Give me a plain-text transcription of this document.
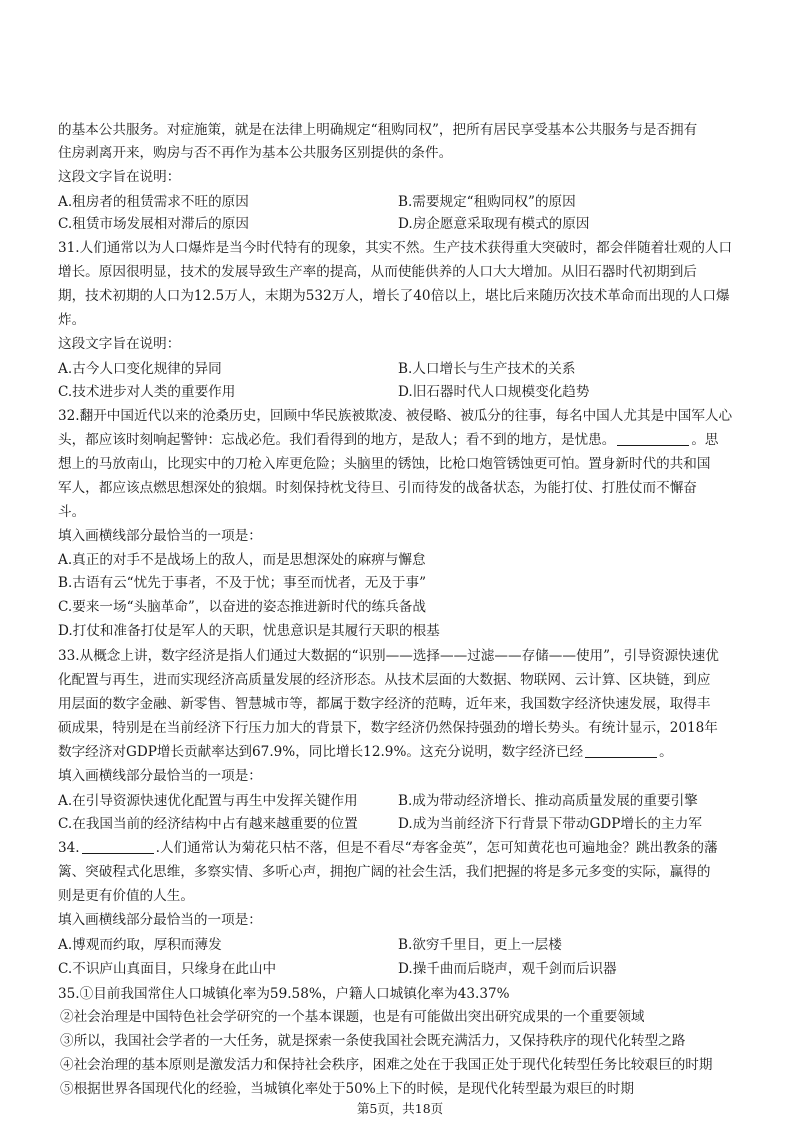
的基本公共服务。对症施策，就是在法律上明确规定“租购同权”，把所有居民享受基本公共服务与是否拥有
住房剥离开来，购房与否不再作为基本公共服务区别提供的条件。
这段文字旨在说明：
A.租房者的租赁需求不旺的原因	B.需要规定“租购同权”的原因
C.租赁市场发展相对滞后的原因	D.房企愿意采取现有模式的原因
31.人们通常以为人口爆炸是当今时代特有的现象，其实不然。生产技术获得重大突破时，都会伴随着壮观的人口
增长。原因很明显，技术的发展导致生产率的提高，从而使能供养的人口大大增加。从旧石器时代初期到后
期，技术初期的人口为12.5万人，末期为532万人，增长了40倍以上，堪比后来随历次技术革命而出现的人口爆
炸。
这段文字旨在说明：
A.古今人口变化规律的异同	B.人口增长与生产技术的关系
C.技术进步对人类的重要作用	D.旧石器时代人口规模变化趋势
32.翻开中国近代以来的沧桑历史，回顾中华民族被欺凌、被侵略、被瓜分的往事，每名中国人尤其是中国军人心
头，都应该时刻响起警钟：忘战必危。我们看得到的地方，是敌人；看不到的地方，是忧患。	。思
想上的马放南山，比现实中的刀枪入库更危险；头脑里的锈蚀，比枪口炮管锈蚀更可怕。置身新时代的共和国
军人，都应该点燃思想深处的狼烟。时刻保持枕戈待旦、引而待发的战备状态，为能打仗、打胜仗而不懈奋
斗。
填入画横线部分最恰当的一项是：
A.真正的对手不是战场上的敌人，而是思想深处的麻痹与懈怠
B.古语有云“忧先于事者，不及于忧；事至而忧者，无及于事”
C.要来一场“头脑革命”，以奋进的姿态推进新时代的练兵备战
D.打仗和准备打仗是军人的天职，忧患意识是其履行天职的根基
33.从概念上讲，数字经济是指人们通过大数据的“识别——选择——过滤——存储——使用”，引导资源快速优
化配置与再生，进而实现经济高质量发展的经济形态。从技术层面的大数据、物联网、云计算、区块链，到应
用层面的数字金融、新零售、智慧城市等，都属于数字经济的范畴，近年来，我国数字经济快速发展，取得丰
硕成果，特别是在当前经济下行压力加大的背景下，数字经济仍然保持强劲的增长势头。有统计显示，2018年
数字经济对GDP增长贡献率达到67.9%，同比增长12.9%。这充分说明，数字经济已经	。
填入画横线部分最恰当的一项是：
A.在引导资源快速优化配置与再生中发挥关键作用	B.成为带动经济增长、推动高质量发展的重要引擎
C.在我国当前的经济结构中占有越来越重要的位置	D.成为当前经济下行背景下带动GDP增长的主力军
34.	.人们通常认为菊花只枯不落，但是不看尽“寿客金英”，怎可知黄花也可遍地金？跳出教条的藩
篱、突破程式化思维，多察实情、多听心声，拥抱广阔的社会生活，我们把握的将是多元多变的实际，赢得的
则是更有价值的人生。
填入画横线部分最恰当的一项是：
A.博观而约取，厚积而薄发	B.欲穷千里目，更上一层楼
C.不识庐山真面目，只缘身在此山中	D.操千曲而后晓声，观千剑而后识器
35.①目前我国常住人口城镇化率为59.58%，户籍人口城镇化率为43.37%
②社会治理是中国特色社会学研究的一个基本课题，也是有可能做出突出研究成果的一个重要领域
③所以，我国社会学者的一大任务，就是探索一条使我国社会既充满活力，又保持秩序的现代化转型之路
④社会治理的基本原则是激发活力和保持社会秩序，困难之处在于我国正处于现代化转型任务比较艰巨的时期
⑤根据世界各国现代化的经验，当城镇化率处于50%上下的时候，是现代化转型最为艰巨的时期
第5页，共18页
